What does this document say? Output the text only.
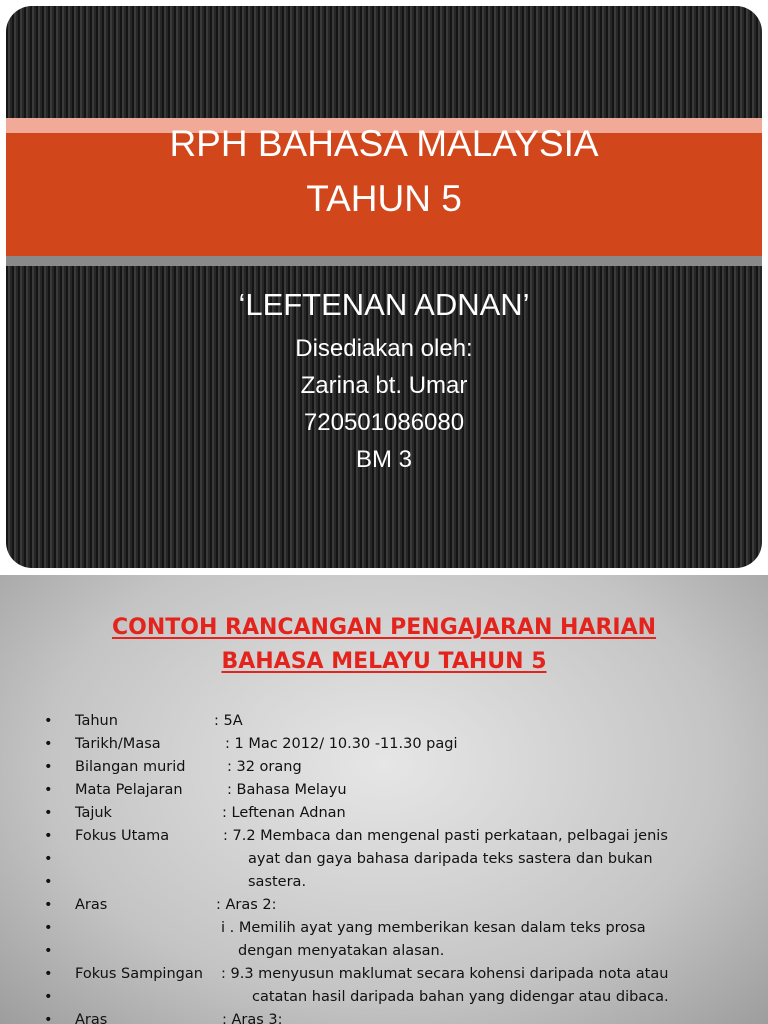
RPH BAHASA MALAYSIA
TAHUN 5
‘LEFTENAN ADNAN’
Disediakan oleh:
Zarina bt. Umar
720501086080
BM 3
CONTOH RANCANGAN PENGAJARAN HARIAN
BAHASA MELAYU TAHUN 5
• Tahun	: 5A
• Tarikh/Masa	: 1 Mac 2012/ 10.30 -11.30 pagi
• Bilangan murid	: 32 orang
• Mata Pelajaran	: Bahasa Melayu
• Tajuk	: Leftenan Adnan
• Fokus Utama	: 7.2 Membaca dan mengenal pasti perkataan, pelbagai jenis
•	ayat dan gaya bahasa daripada teks sastera dan bukan
•	sastera.
• Aras	: Aras 2:
•	i . Memilih ayat yang memberikan kesan dalam teks prosa
•	dengan menyatakan alasan.
• Fokus Sampingan : 9.3 menyusun maklumat secara kohensi daripada nota atau
•	catatan hasil daripada bahan yang didengar atau dibaca.
• Aras	: Aras 3:
